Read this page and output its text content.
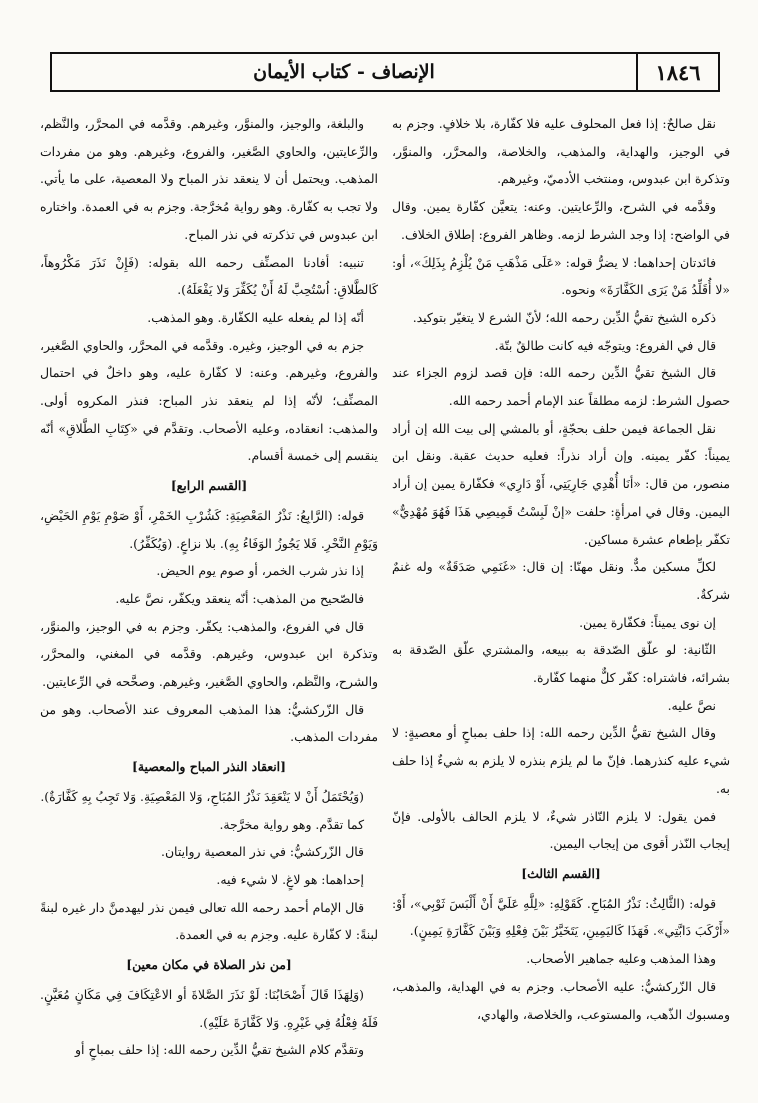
١٨٤٦
الإنصاف - كتاب الأيمان

نقل صالحٌ: إذا فعل المحلوف عليه فلا كفّارة، بلا خلافٍ. وجزم به في الوجيز، والهداية، والمذهب، والخلاصة، والمحرَّر، والمنوَّر، وتذكرة ابن عبدوس، ومنتخب الأدميّ، وغيرهم.

وقدَّمه في الشرح، والرِّعايتين. وعنه: يتعيَّن كفّارة يمين. وقال في الواضح: إذا وجد الشرط لزمه. وظاهر الفروع: إطلاق الخلاف.

فائدتان إحداهما: لا يضرُّ قوله: «عَلَى مَذْهَبِ مَنْ يُلْزِمُ بِذَلِكَ»، أو: «لا أُقَلِّدُ مَنْ يَرَى الكَفَّارَةَ» ونحوه.

ذكره الشيخ تقيُّ الدِّين رحمه الله؛ لأنّ الشرع لا يتغيّر بتوكيد.

قال في الفروع: ويتوجّه فيه كانت طالقٌ بتّة.

قال الشيخ تقيُّ الدِّين رحمه الله: فإن قصد لزوم الجزاء عند حصول الشرط: لزمه مطلقاً عند الإمام أحمد رحمه الله.

نقل الجماعة فيمن حلف بحجّةٍ، أو بالمشي إلى بيت الله إن أراد يميناً: كفّر يمينه. وإن أراد نذراً: فعليه حديث عقبة. ونقل ابن منصور، من قال: «أنَا أُهْدِي جَارِيَتِي، أَوْ دَارِي» فكفّارة يمين إن أراد اليمين. وقال في امرأةٍ: حلفت «إنْ لَبِسْتُ قَمِيصِي هَذَا فَهُوَ مُهْدِيٌّ» تكفّر بإطعام عشرة مساكين.

لكلِّ مسكين مدٌّ. ونقل مهنّا: إن قال: «غَنَمِي صَدَقَةٌ» وله غنمٌ شركةٌ.

إن نوى يميناً: فكفّارة يمين.

الثّانية: لو علّق الصّدقة به ببيعه، والمشتري علّق الصّدقة به بشرائه، فاشتراه: كفّر كلٌّ منهما كفّارة.

نصَّ عليه.

وقال الشيخ تقيُّ الدِّين رحمه الله: إذا حلف بمباحٍ أو معصيةٍ: لا شيء عليه كنذرهما. فإنّ ما لم يلزم بنذره لا يلزم به شيءٌ إذا حلف به.

فمن يقول: لا يلزم النّاذر شيءٌ، لا يلزم الحالف بالأولى. فإنّ إيجاب النّذر أقوى من إيجاب اليمين.

[القسم الثالث]

قوله: (الثَّالِثُ: نَذْرُ المُبَاحِ. كَقَوْلِهِ: «لِلَّهِ عَلَيَّ أَنْ أَلْبَسَ ثَوْبِي»، أَوْ: «أَرْكَبَ دَابَّتِي». فَهَذَا كَاليَمِينِ، يَتَخَيَّرُ بَيْنَ فِعْلِهِ وَبَيْنَ كَفَّارَةِ يَمِينٍ).

وهذا المذهب وعليه جماهير الأصحاب.

قال الزّركشيُّ: عليه الأصحاب. وجزم به في الهداية، والمذهب، ومسبوك الذّهب، والمستوعب، والخلاصة، والهادي،

والبلغة، والوجيز، والمنوَّر، وغيرهم. وقدَّمه في المحرَّر، والنَّظم، والرِّعايتين، والحاوي الصَّغير، والفروع، وغيرهم. وهو من مفردات المذهب. ويحتمل أن لا ينعقد نذر المباح ولا المعصية، على ما يأتي. ولا تجب به كفّارة. وهو رواية مُخرَّجة. وجزم به في العمدة. واختاره ابن عبدوس في تذكرته في نذر المباح.

تنبيه: أفادنا المصنِّف رحمه الله بقوله: (فَإِنْ نَذَرَ مَكْرُوهاً، كَالطَّلاقِ: اُسْتُحِبَّ لَهُ أَنْ يُكَفِّرَ وَلا يَفْعَلَهُ).

أنّه إذا لم يفعله عليه الكفّارة. وهو المذهب.

جزم به في الوجيز، وغيره. وقدَّمه في المحرَّر، والحاوي الصَّغير، والفروع، وغيرهم. وعنه: لا كفّارة عليه، وهو داخلٌ في احتمال المصنِّف؛ لأنّه إذا لم ينعقد نذر المباح: فنذر المكروه أولى. والمذهب: انعقاده، وعليه الأصحاب. وتقدَّم في «كِتَابِ الطَّلاقِ» أنّه ينقسم إلى خمسة أقسام.

[القسم الرابع]

قوله: (الرَّابِعُ: نَذْرُ المَعْصِيَةِ: كَشُرْبِ الخَمْرِ، أَوْ صَوْمِ يَوْمِ الحَيْضِ، وَيَوْمِ النَّحْرِ. فَلا يَجُوزُ الوَفَاءُ بِهِ). بلا نزاعٍ. (وَيُكَفِّرُ).

إذا نذر شرب الخمر، أو صوم يوم الحيض.

فالصّحيح من المذهب: أنّه ينعقد ويكفّر، نصَّ عليه.

قال في الفروع، والمذهب: يكفّر. وجزم به في الوجيز، والمنوَّر، وتذكرة ابن عبدوس، وغيرهم. وقدَّمه في المغني، والمحرَّر، والشرح، والنَّظم، والحاوي الصَّغير، وغيرهم. وصحَّحه في الرِّعايتين.

قال الزّركشيُّ: هذا المذهب المعروف عند الأصحاب. وهو من مفردات المذهب.

[انعقاد النذر المباح والمعصية]

(وَيُحْتَمَلُ أَنْ لا يَنْعَقِدَ نَذْرُ المُبَاحِ، وَلا المَعْصِيَةِ. وَلا تَجِبُ بِهِ كَفَّارَةٌ).

كما تقدَّم. وهو رواية مخرَّجة.

قال الزّركشيُّ: في نذر المعصية روايتان.

إحداهما: هو لاغٍ. لا شيء فيه.

قال الإمام أحمد رحمه الله تعالى فيمن نذر ليهدمنَّ دار غيره لبنةً لبنةً: لا كفّارة عليه. وجزم به في العمدة.

[من نذر الصلاة في مكان معين]

(وَلِهَذَا قَالَ أَصْحَابُنَا: لَوْ نَذَرَ الصَّلاةَ أو الاعْتِكَافَ فِي مَكَانٍ مُعَيَّنٍ. فَلَهُ فِعْلُهُ فِي غَيْرِهِ. وَلا كَفَّارَةَ عَلَيْهِ).

وتقدَّم كلام الشيخ تقيُّ الدِّين رحمه الله: إذا حلف بمباحٍ أو
